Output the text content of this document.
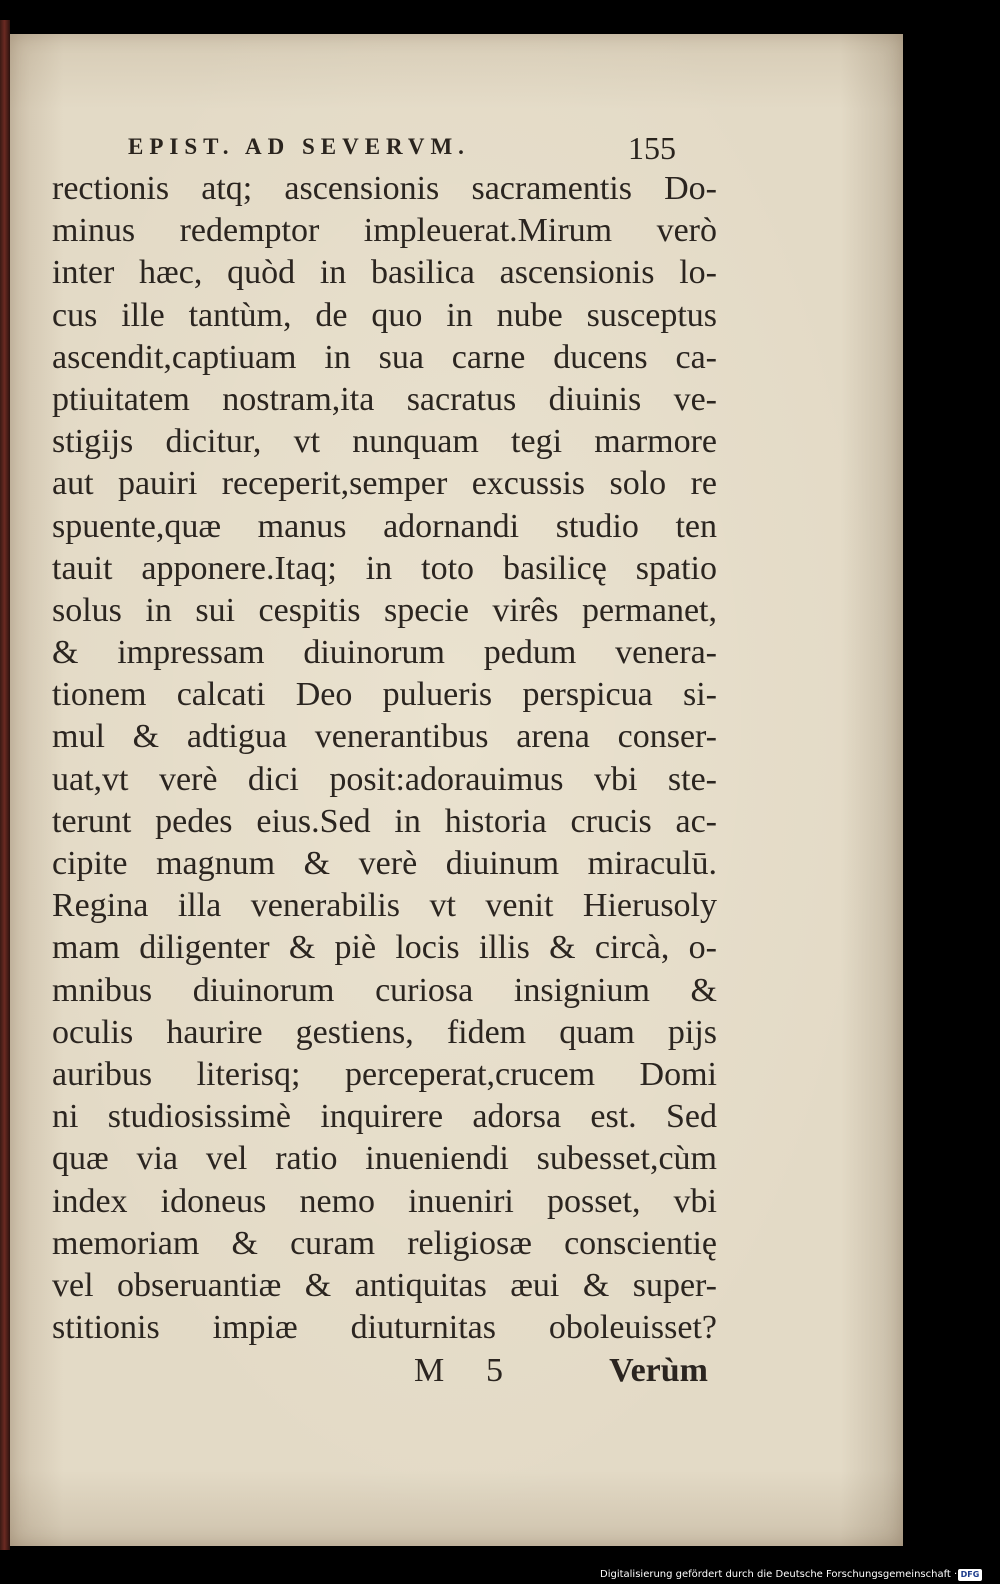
EPIST. AD SEVERVM.	155
rectionis atq; ascensionis sacramentis Do-
minus redemptor impleuerat.Mirum verò
inter hæc, quòd in basilica ascensionis lo-
cus ille tantùm, de quo in nube susceptus
ascendit,captiuam in sua carne ducens ca-
ptiuitatem nostram,ita sacratus diuinis ve-
stigijs dicitur, vt nunquam tegi marmore
aut pauiri receperit,semper excussis solo re
spuente,quæ manus adornandi studio ten
tauit apponere.Itaq; in toto basilicę spatio
solus in sui cespitis specie virês permanet,
& impressam diuinorum pedum venera-
tionem calcati Deo pulueris perspicua si-
mul & adtigua venerantibus arena conser-
uat,vt verè dici posit:adorauimus vbi ste-
terunt pedes eius.Sed in historia crucis ac-
cipite magnum & verè diuinum miraculū.
Regina illa venerabilis vt venit Hierusoly
mam diligenter & piè locis illis & circà, o-
mnibus diuinorum curiosa insignium &
oculis haurire gestiens, fidem quam pijs
auribus literisq; perceperat,crucem Domi
ni studiosissimè inquirere adorsa est. Sed
quæ via vel ratio inueniendi subesset,cùm
index idoneus nemo inueniri posset, vbi
memoriam & curam religiosæ conscientię
vel obseruantiæ & antiquitas æui & super-
stitionis impiæ diuturnitas oboleuisset?
M 5	Verùm
Digitalisierung gefördert durch die Deutsche Forschungsgemeinschaft · DFG
